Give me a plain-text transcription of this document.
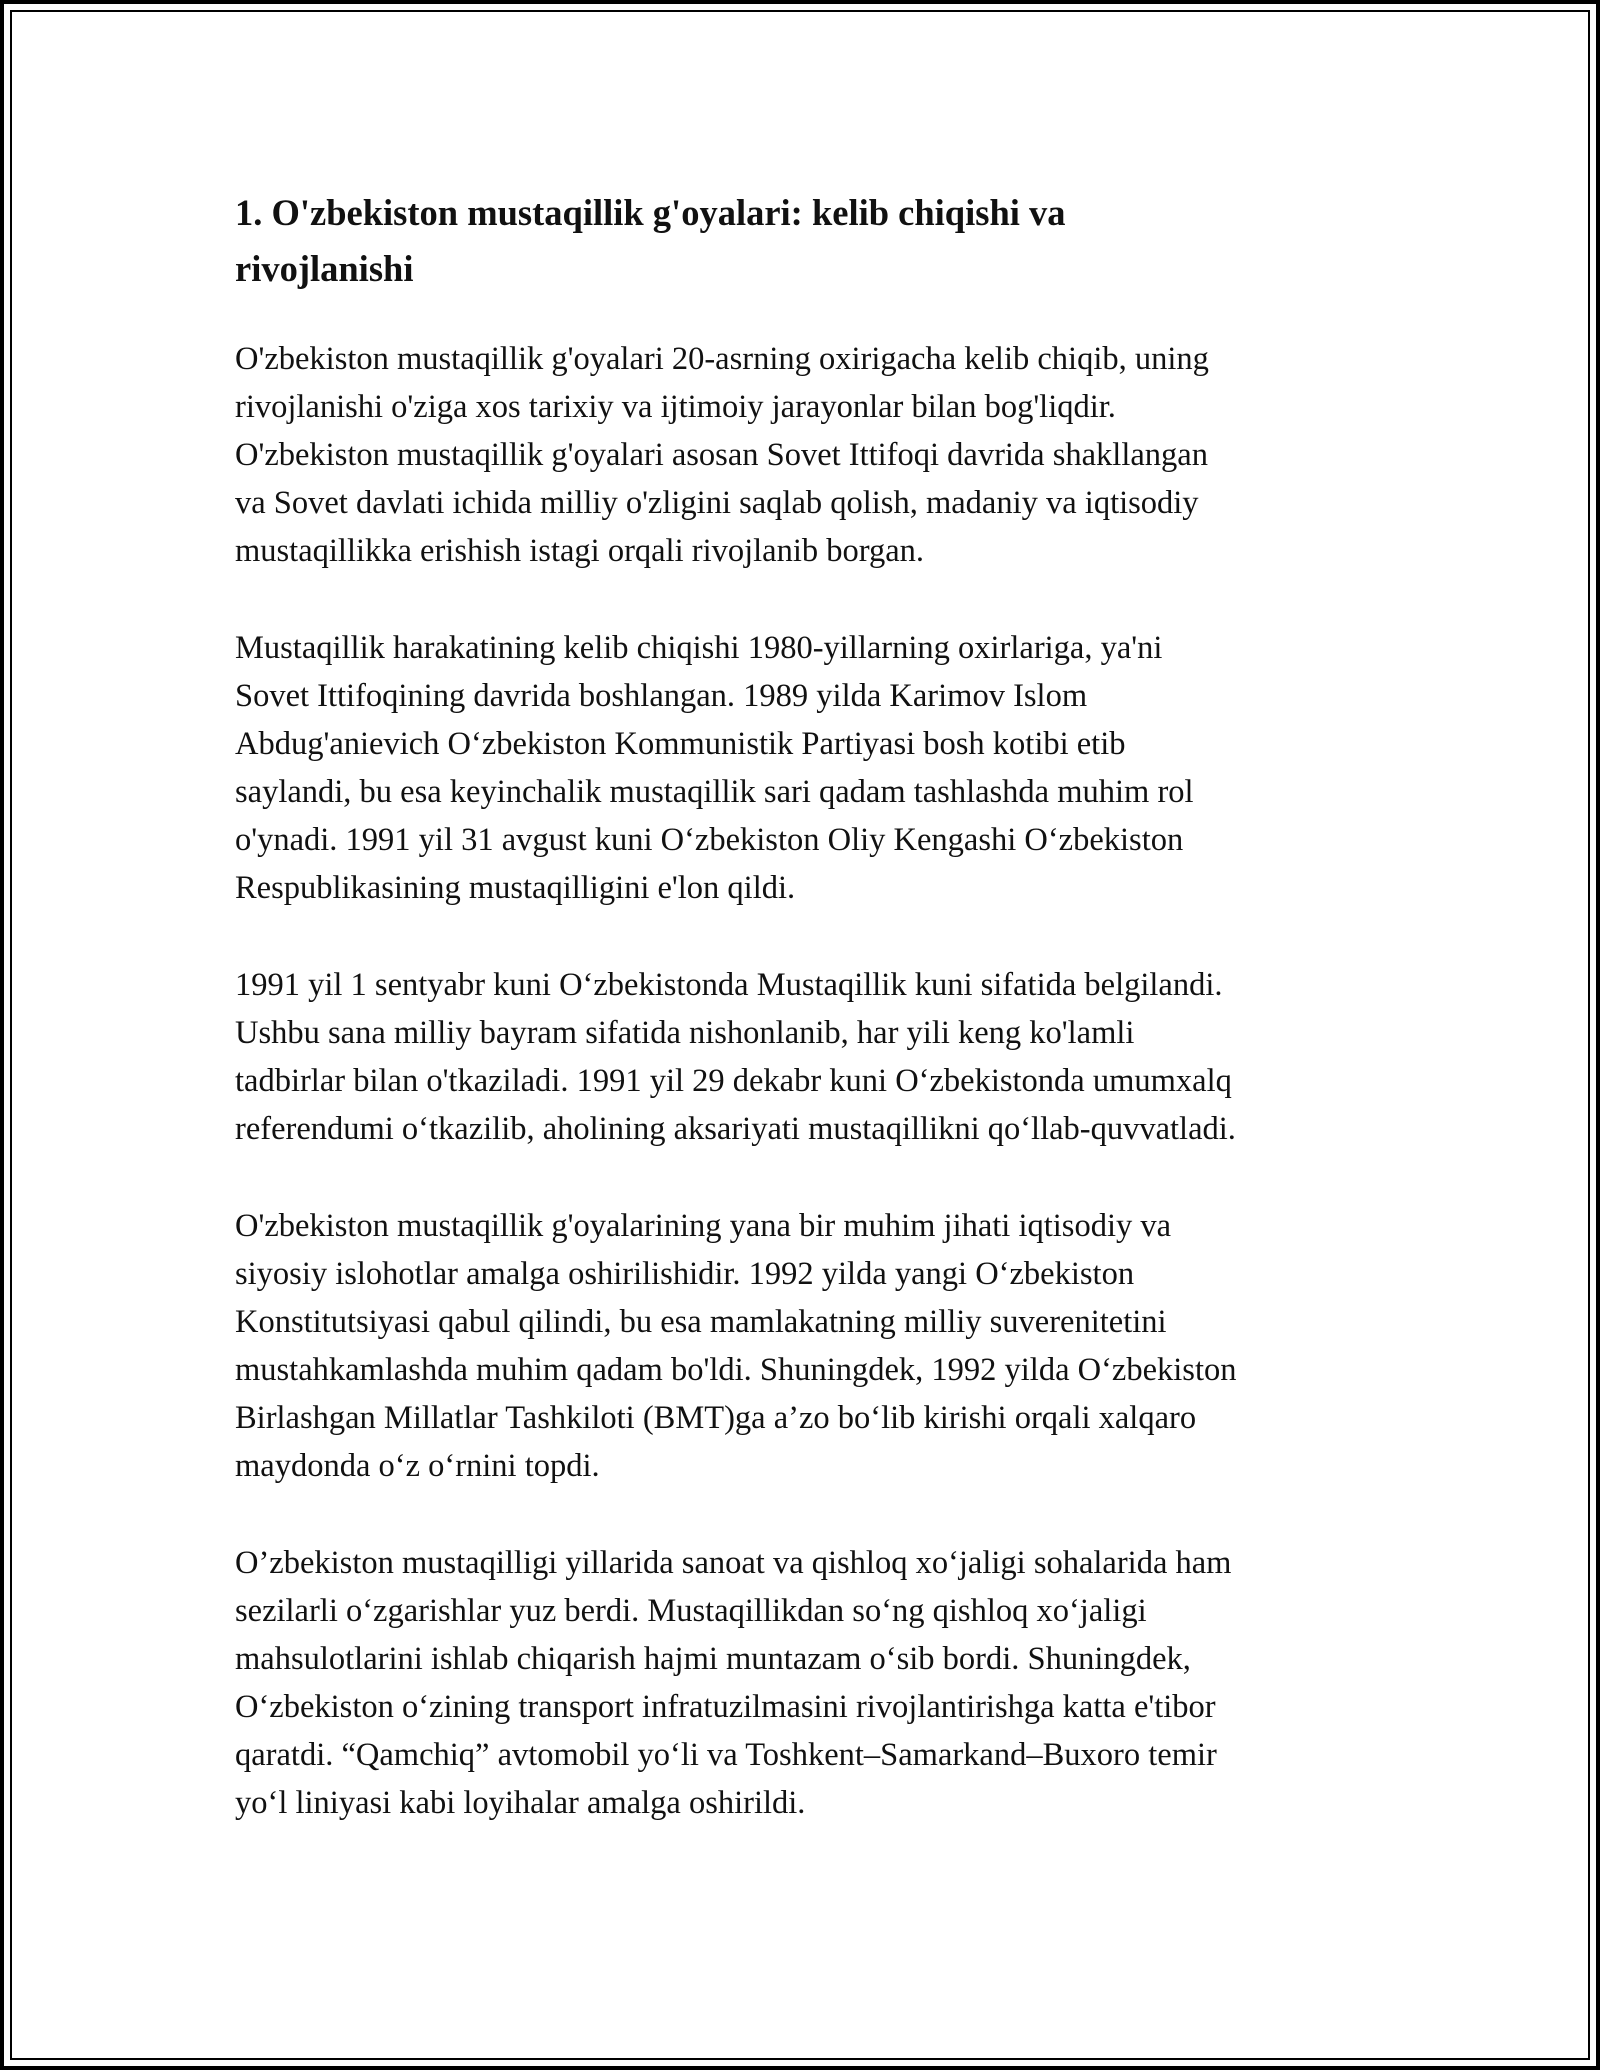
1. O'zbekiston mustaqillik g'oyalari: kelib chiqishi va
rivojlanishi

O'zbekiston mustaqillik g'oyalari 20-asrning oxirigacha kelib chiqib, uning
rivojlanishi o'ziga xos tarixiy va ijtimoiy jarayonlar bilan bog'liqdir.
O'zbekiston mustaqillik g'oyalari asosan Sovet Ittifoqi davrida shakllangan
va Sovet davlati ichida milliy o'zligini saqlab qolish, madaniy va iqtisodiy
mustaqillikka erishish istagi orqali rivojlanib borgan.

Mustaqillik harakatining kelib chiqishi 1980-yillarning oxirlariga, ya'ni
Sovet Ittifoqining davrida boshlangan. 1989 yilda Karimov Islom
Abdug'anievich O‘zbekiston Kommunistik Partiyasi bosh kotibi etib
saylandi, bu esa keyinchalik mustaqillik sari qadam tashlashda muhim rol
o'ynadi. 1991 yil 31 avgust kuni O‘zbekiston Oliy Kengashi O‘zbekiston
Respublikasining mustaqilligini e'lon qildi.

1991 yil 1 sentyabr kuni O‘zbekistonda Mustaqillik kuni sifatida belgilandi.
Ushbu sana milliy bayram sifatida nishonlanib, har yili keng ko'lamli
tadbirlar bilan o'tkaziladi. 1991 yil 29 dekabr kuni O‘zbekistonda umumxalq
referendumi o‘tkazilib, aholining aksariyati mustaqillikni qo‘llab-quvvatladi.

O'zbekiston mustaqillik g'oyalarining yana bir muhim jihati iqtisodiy va
siyosiy islohotlar amalga oshirilishidir. 1992 yilda yangi O‘zbekiston
Konstitutsiyasi qabul qilindi, bu esa mamlakatning milliy suverenitetini
mustahkamlashda muhim qadam bo'ldi. Shuningdek, 1992 yilda O‘zbekiston
Birlashgan Millatlar Tashkiloti (BMT)ga a’zo bo‘lib kirishi orqali xalqaro
maydonda o‘z o‘rnini topdi.

O’zbekiston mustaqilligi yillarida sanoat va qishloq xo‘jaligi sohalarida ham
sezilarli o‘zgarishlar yuz berdi. Mustaqillikdan so‘ng qishloq xo‘jaligi
mahsulotlarini ishlab chiqarish hajmi muntazam o‘sib bordi. Shuningdek,
O‘zbekiston o‘zining transport infratuzilmasini rivojlantirishga katta e'tibor
qaratdi. “Qamchiq” avtomobil yo‘li va Toshkent–Samarkand–Buxoro temir
yo‘l liniyasi kabi loyihalar amalga oshirildi.
